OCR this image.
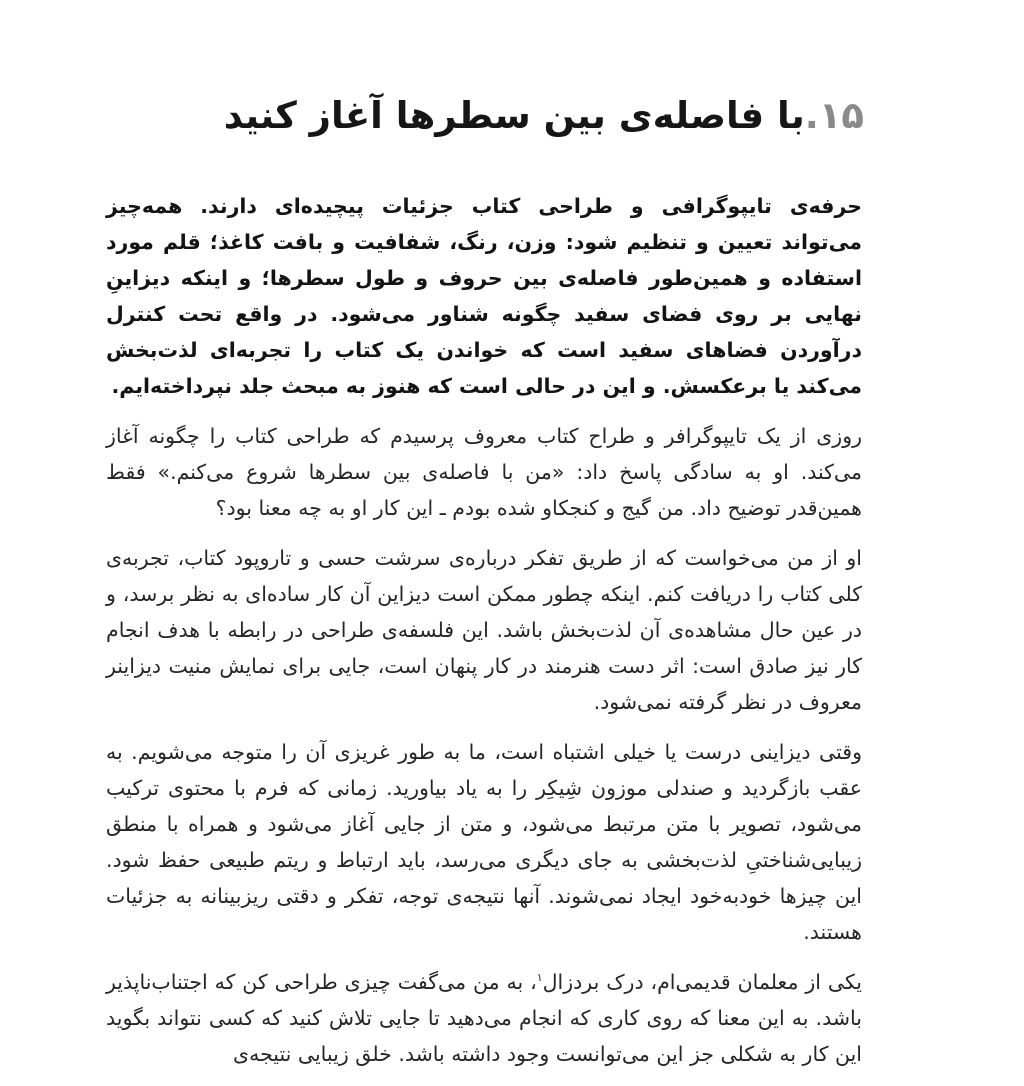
۱۵.
با فاصله‌ی بین سطرها آغاز کنید

حرفه‌ی تایپوگرافی و طراحی کتاب جزئیات پیچیده‌ای دارند. همه‌چیز می‌تواند تعیین و تنظیم شود: وزن، رنگ، شفافیت و بافت کاغذ؛ قلم مورد استفاده و همین‌طور فاصله‌ی بین حروف و طول سطرها؛ و اینکه دیزاینِ نهایی بر روی فضای سفید چگونه شناور می‌شود. در واقع تحت کنترل درآوردن فضاهای سفید است که خواندن یک کتاب را تجربه‌ای لذت‌بخش می‌کند یا برعکسش. و این در حالی است که هنوز به مبحث جلد نپرداخته‌ایم.

روزی از یک تایپوگرافر و طراح کتاب معروف پرسیدم که طراحی کتاب را چگونه آغاز می‌کند. او به سادگی پاسخ داد: «من با فاصله‌ی بین سطرها شروع می‌کنم.» فقط همین‌قدر توضیح داد. من گیج و کنجکاو شده بودم ـ این کار او به چه معنا بود؟

او از من می‌خواست که از طریق تفکر درباره‌ی سرشت حسی و تاروپود کتاب، تجربه‌ی کلی کتاب را دریافت کنم. اینکه چطور ممکن است دیزاین آن کار ساده‌ای به نظر برسد، و در عین حال مشاهده‌ی آن لذت‌بخش باشد. این فلسفه‌ی طراحی در رابطه با هدف انجام کار نیز صادق است: اثر دست هنرمند در کار پنهان است، جایی برای نمایش منیت دیزاینر معروف در نظر گرفته نمی‌شود.

وقتی دیزاینی درست یا خیلی اشتباه است، ما به طور غریزی آن را متوجه می‌شویم. به عقب بازگردید و صندلی موزون شِیکِر را به یاد بیاورید. زمانی که فرم با محتوی ترکیب می‌شود، تصویر با متن مرتبط می‌شود، و متن از جایی آغاز می‌شود و همراه با منطق زیبایی‌شناختیِ لذت‌بخشی به جای دیگری می‌رسد، باید ارتباط و ریتم طبیعی حفظ شود. این چیزها خودبه‌خود ایجاد نمی‌شوند. آنها نتیجه‌ی توجه، تفکر و دقتی ریزبینانه به جزئیات هستند.

یکی از معلمان قدیمی‌ام، درک بردزال$^۱$، به من می‌گفت چیزی طراحی کن که اجتناب‌ناپذیر باشد. به این معنا که روی کاری که انجام می‌دهید تا جایی تلاش کنید که کسی نتواند بگوید این کار به شکلی جز این می‌توانست وجود داشته باشد. خلق زیبایی نتیجه‌ی
